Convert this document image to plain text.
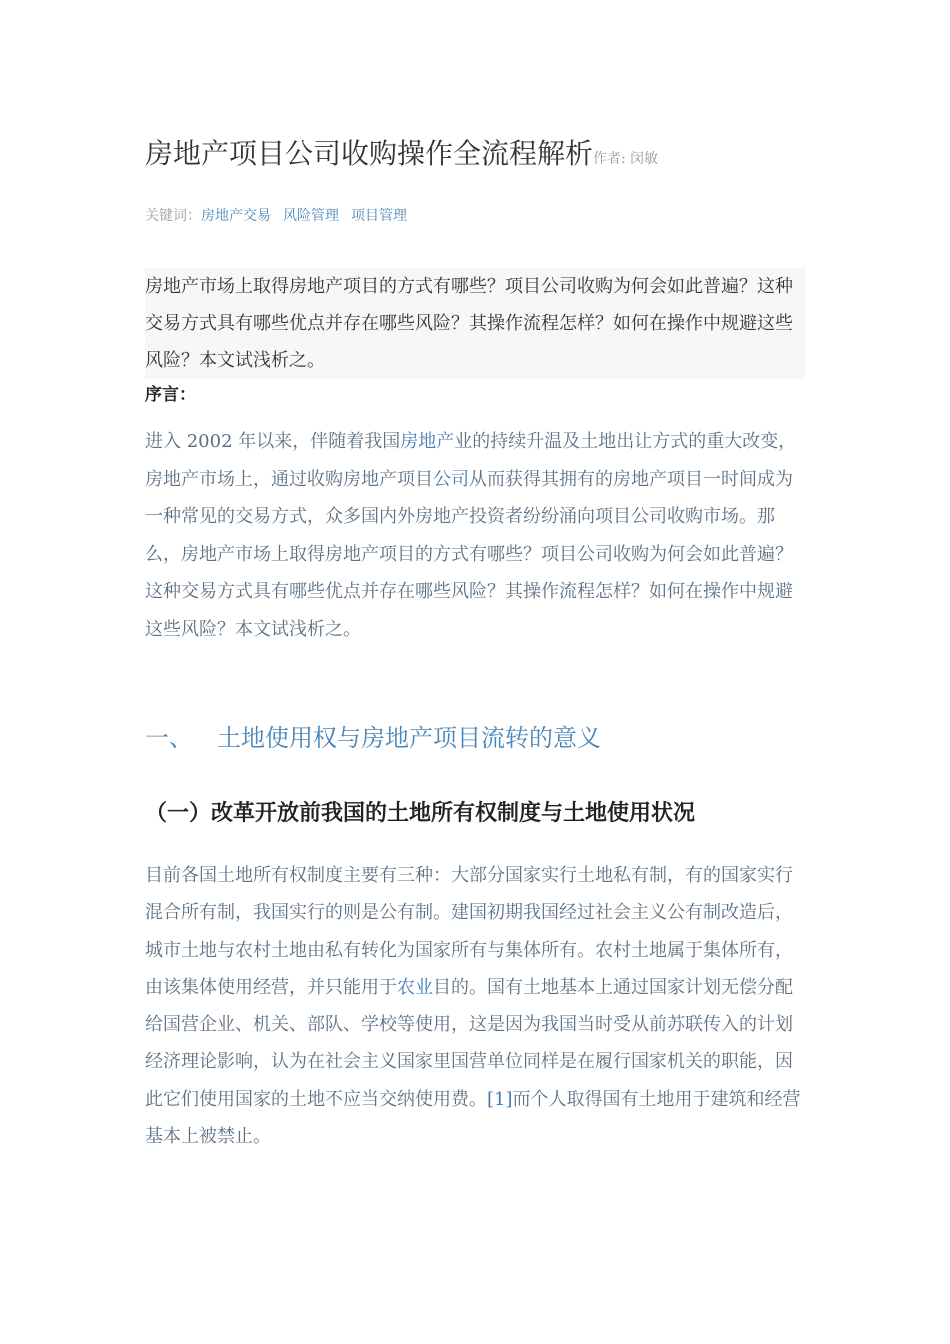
房地产项目公司收购操作全流程解析作者: 闵敏
关键词：房地产交易 风险管理 项目管理
房地产市场上取得房地产项目的方式有哪些？项目公司收购为何会如此普遍？这种交易方式具有哪些优点并存在哪些风险？其操作流程怎样？如何在操作中规避这些风险？本文试浅析之。
序言：
进入 2002 年以来，伴随着我国房地产业的持续升温及土地出让方式的重大改变，房地产市场上，通过收购房地产项目公司从而获得其拥有的房地产项目一时间成为一种常见的交易方式，众多国内外房地产投资者纷纷涌向项目公司收购市场。那么，房地产市场上取得房地产项目的方式有哪些？项目公司收购为何会如此普遍？这种交易方式具有哪些优点并存在哪些风险？其操作流程怎样？如何在操作中规避这些风险？本文试浅析之。
一、 土地使用权与房地产项目流转的意义
（一）改革开放前我国的土地所有权制度与土地使用状况
目前各国土地所有权制度主要有三种：大部分国家实行土地私有制，有的国家实行混合所有制，我国实行的则是公有制。建国初期我国经过社会主义公有制改造后，城市土地与农村土地由私有转化为国家所有与集体所有。农村土地属于集体所有，由该集体使用经营，并只能用于农业目的。国有土地基本上通过国家计划无偿分配给国营企业、机关、部队、学校等使用，这是因为我国当时受从前苏联传入的计划经济理论影响，认为在社会主义国家里国营单位同样是在履行国家机关的职能，因此它们使用国家的土地不应当交纳使用费。[1]而个人取得国有土地用于建筑和经营基本上被禁止。
